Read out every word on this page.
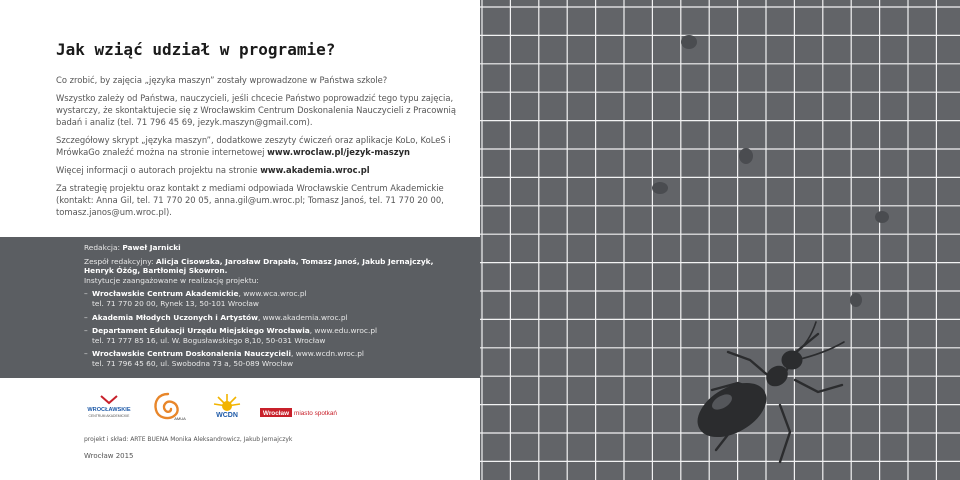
Jak wziąć udział w programie?

Co zrobić, by zajęcia „języka maszyn” zostały wprowadzone w Państwa szkole?

Wszystko zależy od Państwa, nauczycieli, jeśli chcecie Państwo poprowadzić tego typu zajęcia, wystarczy, że skontaktujecie się z Wrocławskim Centrum Doskonalenia Nauczycieli z Pracownią badań i analiz (tel. 71 796 45 69, jezyk.maszyn@gmail.com).

Szczegółowy skrypt „języka maszyn”, dodatkowe zeszyty ćwiczeń oraz aplikacje KoLo, KoLeS i MrówkaGo znaleźć można na stronie internetowej www.wroclaw.pl/jezyk-maszyn

Więcej informacji o autorach projektu na stronie www.akademia.wroc.pl

Za strategię projektu oraz kontakt z mediami odpowiada Wrocławskie Centrum Akademickie (kontakt: Anna Gil, tel. 71 770 20 05, anna.gil@um.wroc.pl; Tomasz Janoś, tel. 71 770 20 00, tomasz.janos@um.wroc.pl).

Redakcja: Paweł Jarnicki
Zespół redakcyjny: Alicja Cisowska, Jarosław Drapała, Tomasz Janoś, Jakub Jernajczyk,
Henryk Óżóg, Bartłomiej Skowron.
Instytucje zaangażowane w realizację projektu:
– Wrocławskie Centrum Akademickie, www.wca.wroc.pl
tel. 71 770 20 00, Rynek 13, 50-101 Wrocław
– Akademia Młodych Uczonych i Artystów, www.akademia.wroc.pl
– Departament Edukacji Urzędu Miejskiego Wrocławia, www.edu.wroc.pl
tel. 71 777 85 16, ul. W. Bogusławskiego 8,10, 50-031 Wrocław
– Wrocławskie Centrum Doskonalenia Nauczycieli, www.wcdn.wroc.pl
tel. 71 796 45 60, ul. Swobodna 73 a, 50-089 Wrocław
WROCŁAWSKIE
CENTRUM AKADEMICKIE	AMUA	WCDN	Wrocław miasto spotkań
projekt i skład: ARTE BUENA Monika Aleksandrowicz, Jakub Jernajczyk
Wrocław 2015
